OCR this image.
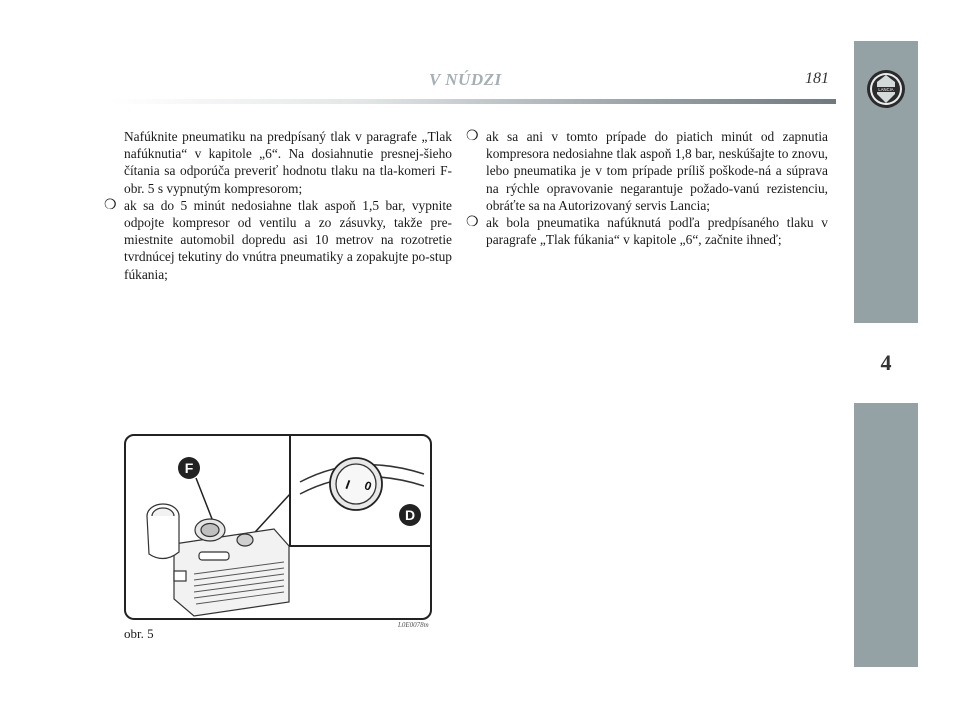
V NÚDZI	181
LANCIA
4

Nafúknite pneumatiku na predpísaný tlak v paragrafe „Tlak nafúknutia“ v kapitole „6“. Na dosiahnutie presnej-šieho čítania sa odporúča preveriť hodnotu tlaku na tla-komeri F-obr. 5 s vypnutým kompresorom;

❍ ak sa do 5 minút nedosiahne tlak aspoň 1,5 bar, vypnite odpojte kompresor od ventilu a zo zásuvky, takže pre-miestnite automobil dopredu asi 10 metrov na rozotretie tvrdnúcej tekutiny do vnútra pneumatiky a zopakujte po-stup fúkania;

❍ ak sa ani v tomto prípade do piatich minút od zapnutia kompresora nedosiahne tlak aspoň 1,8 bar, neskúšajte to znovu, lebo pneumatika je v tom prípade príliš poškode-ná a súprava na rýchle opravovanie negarantuje požado-vanú rezistenciu, obráťte sa na Autorizovaný servis Lancia;

❍ ak bola pneumatika nafúknutá podľa predpísaného tlaku v paragrafe „Tlak fúkania“ v kapitole „6“, začnite ihneď;

I 0
F
D
obr. 5
L0E0078m
